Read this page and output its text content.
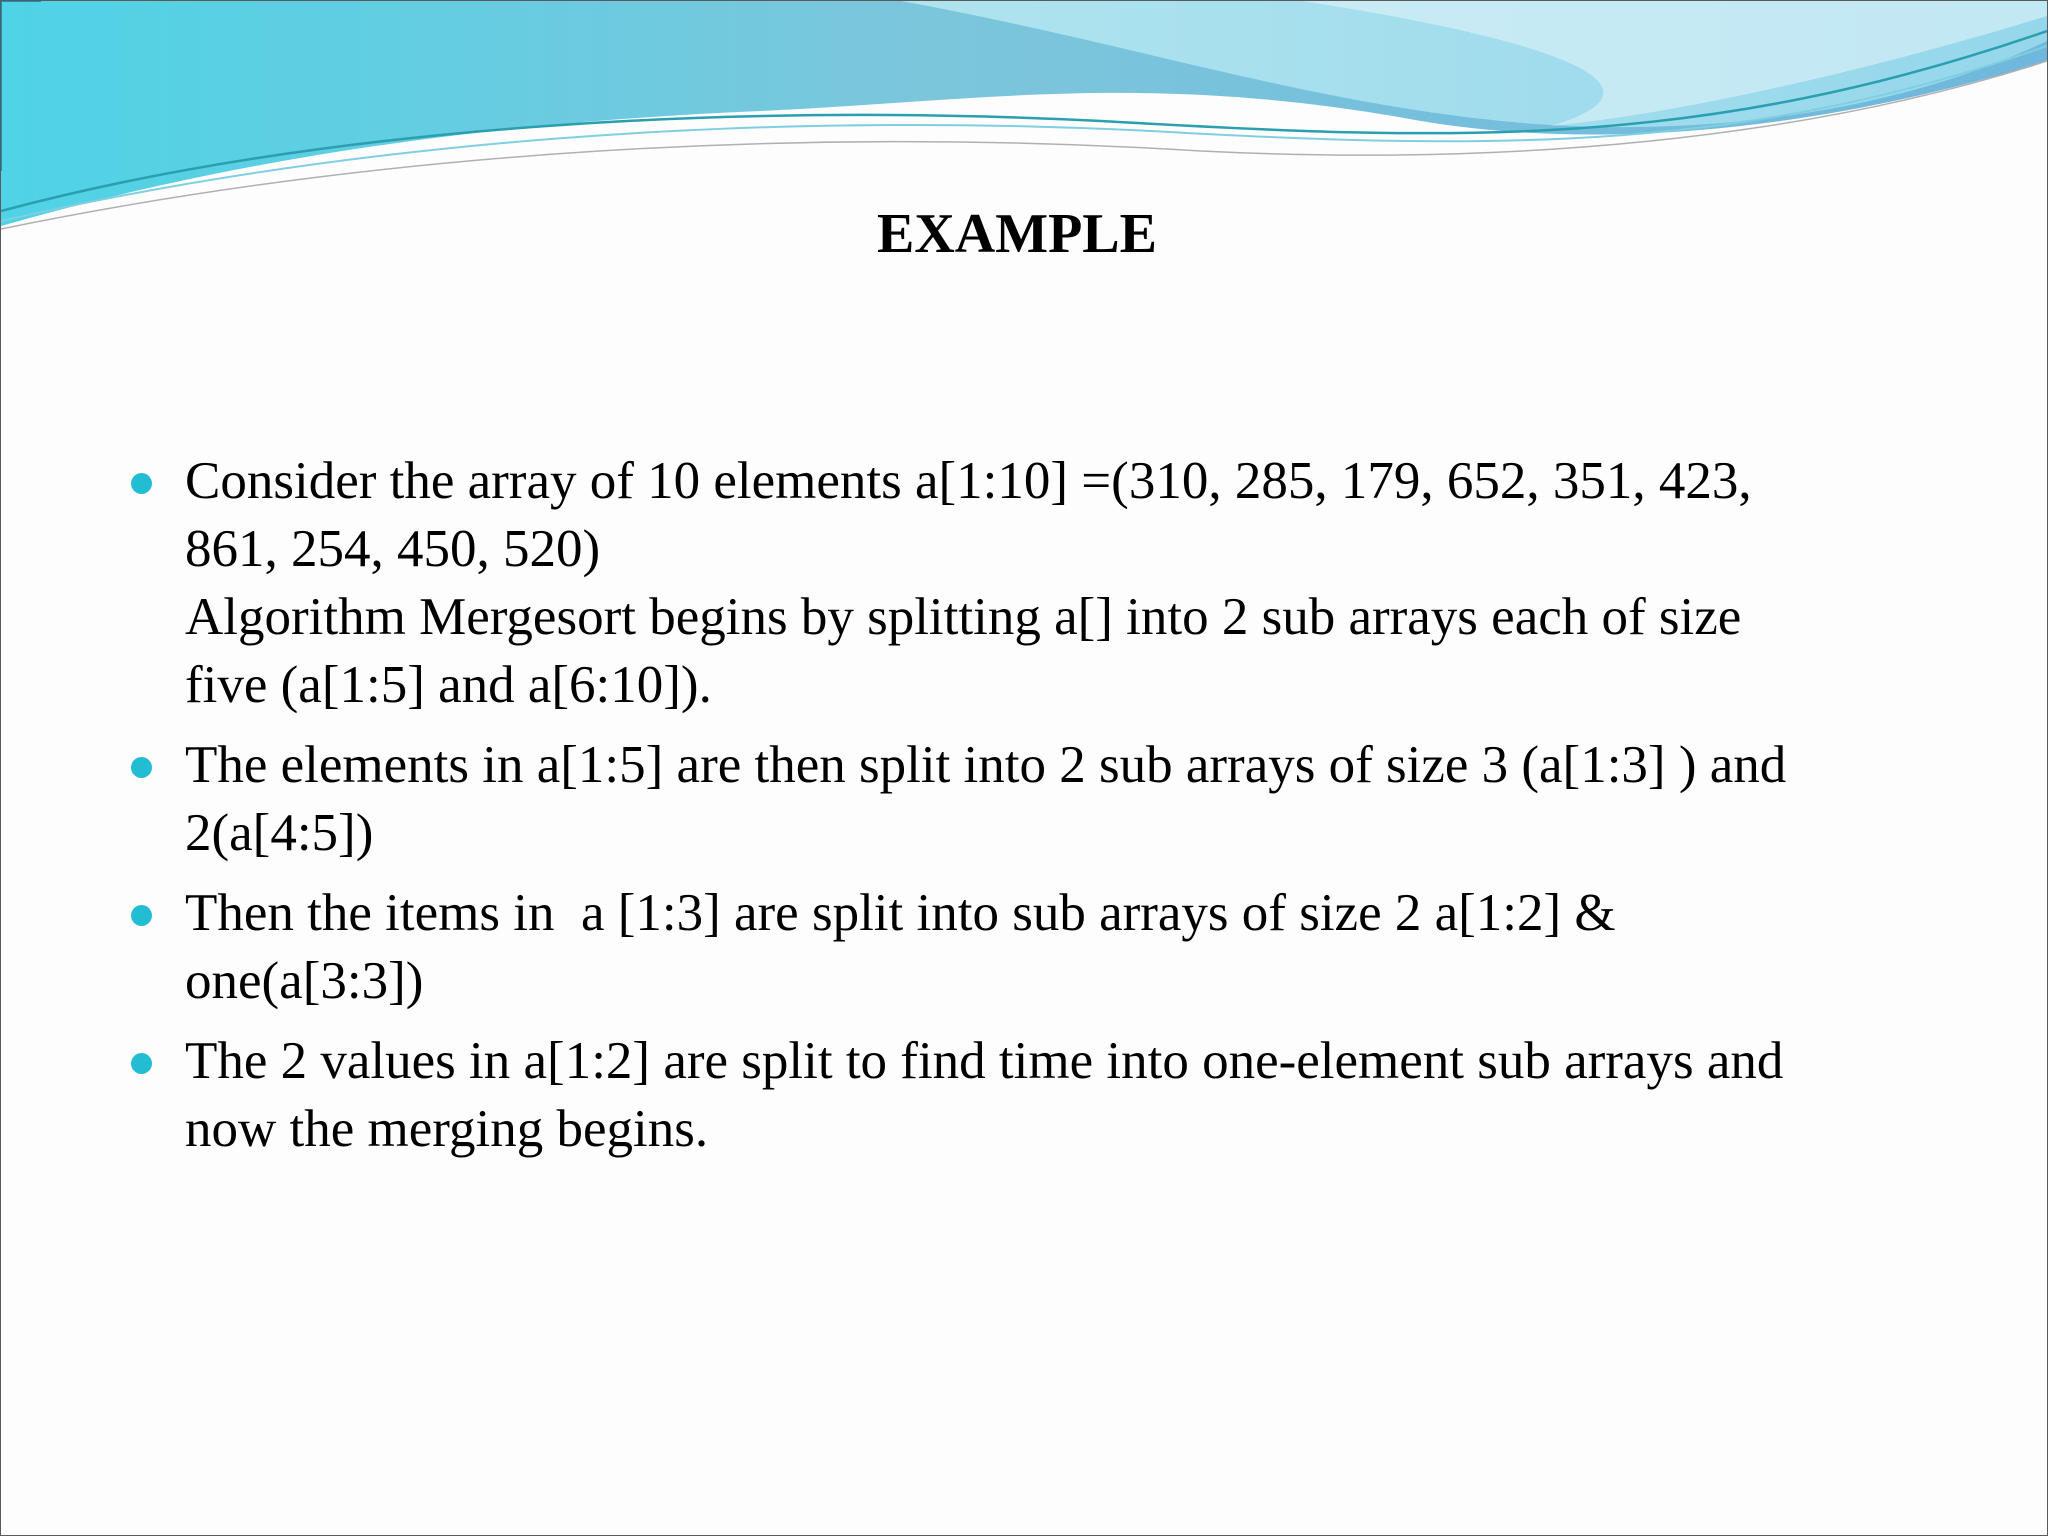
EXAMPLE
Consider the array of 10 elements a[1:10] =(310, 285, 179, 652, 351, 423,
861, 254, 450, 520)
Algorithm Mergesort begins by splitting a[] into 2 sub arrays each of size
five (a[1:5] and a[6:10]).
The elements in a[1:5] are then split into 2 sub arrays of size 3 (a[1:3] ) and
2(a[4:5])
Then the items in  a [1:3] are split into sub arrays of size 2 a[1:2] &
one(a[3:3])
The 2 values in a[1:2] are split to find time into one-element sub arrays and
now the merging begins.
